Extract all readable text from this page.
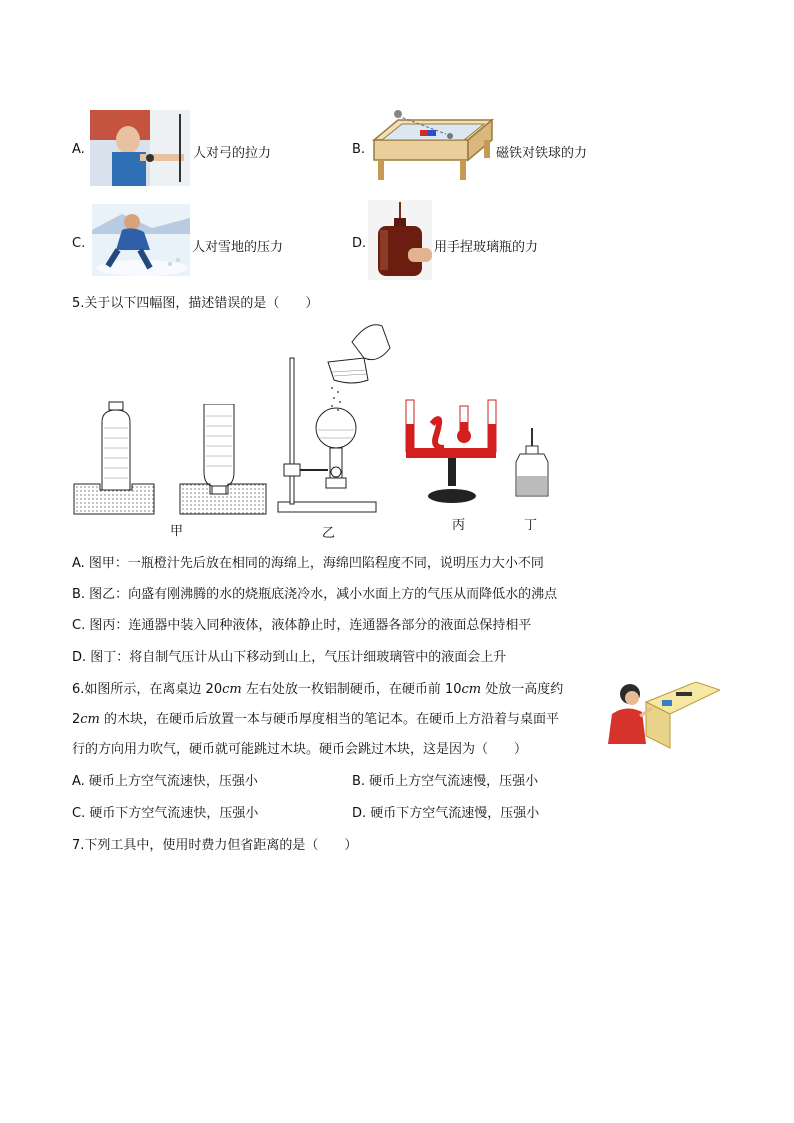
A.	人对弓的拉力	B.	磁铁对铁球的力
C.	人对雪地的压力	D.	用手捏玻璃瓶的力
5.关于以下四幅图，描述错误的是（　　）
甲	乙
丙	丁
A. 图甲：一瓶橙汁先后放在相同的海绵上，海绵凹陷程度不同，说明压力大小不同
B. 图乙：向盛有刚沸腾的水的烧瓶底浇冷水，减小水面上方的气压从而降低水的沸点
C. 图丙：连通器中装入同种液体，液体静止时，连通器各部分的液面总保持相平
D. 图丁：将自制气压计从山下移动到山上，气压计细玻璃管中的液面会上升
6.如图所示，在离桌边 20cm 左右处放一枚铝制硬币，在硬币前 10cm 处放一高度约
2cm 的木块，在硬币后放置一本与硬币厚度相当的笔记本。在硬币上方沿着与桌面平
行的方向用力吹气，硬币就可能跳过木块。硬币会跳过木块，这是因为（　　）
A. 硬币上方空气流速快，压强小	B. 硬币上方空气流速慢，压强小
C. 硬币下方空气流速快，压强小	D. 硬币下方空气流速慢，压强小
7.下列工具中，使用时费力但省距离的是（　　）
